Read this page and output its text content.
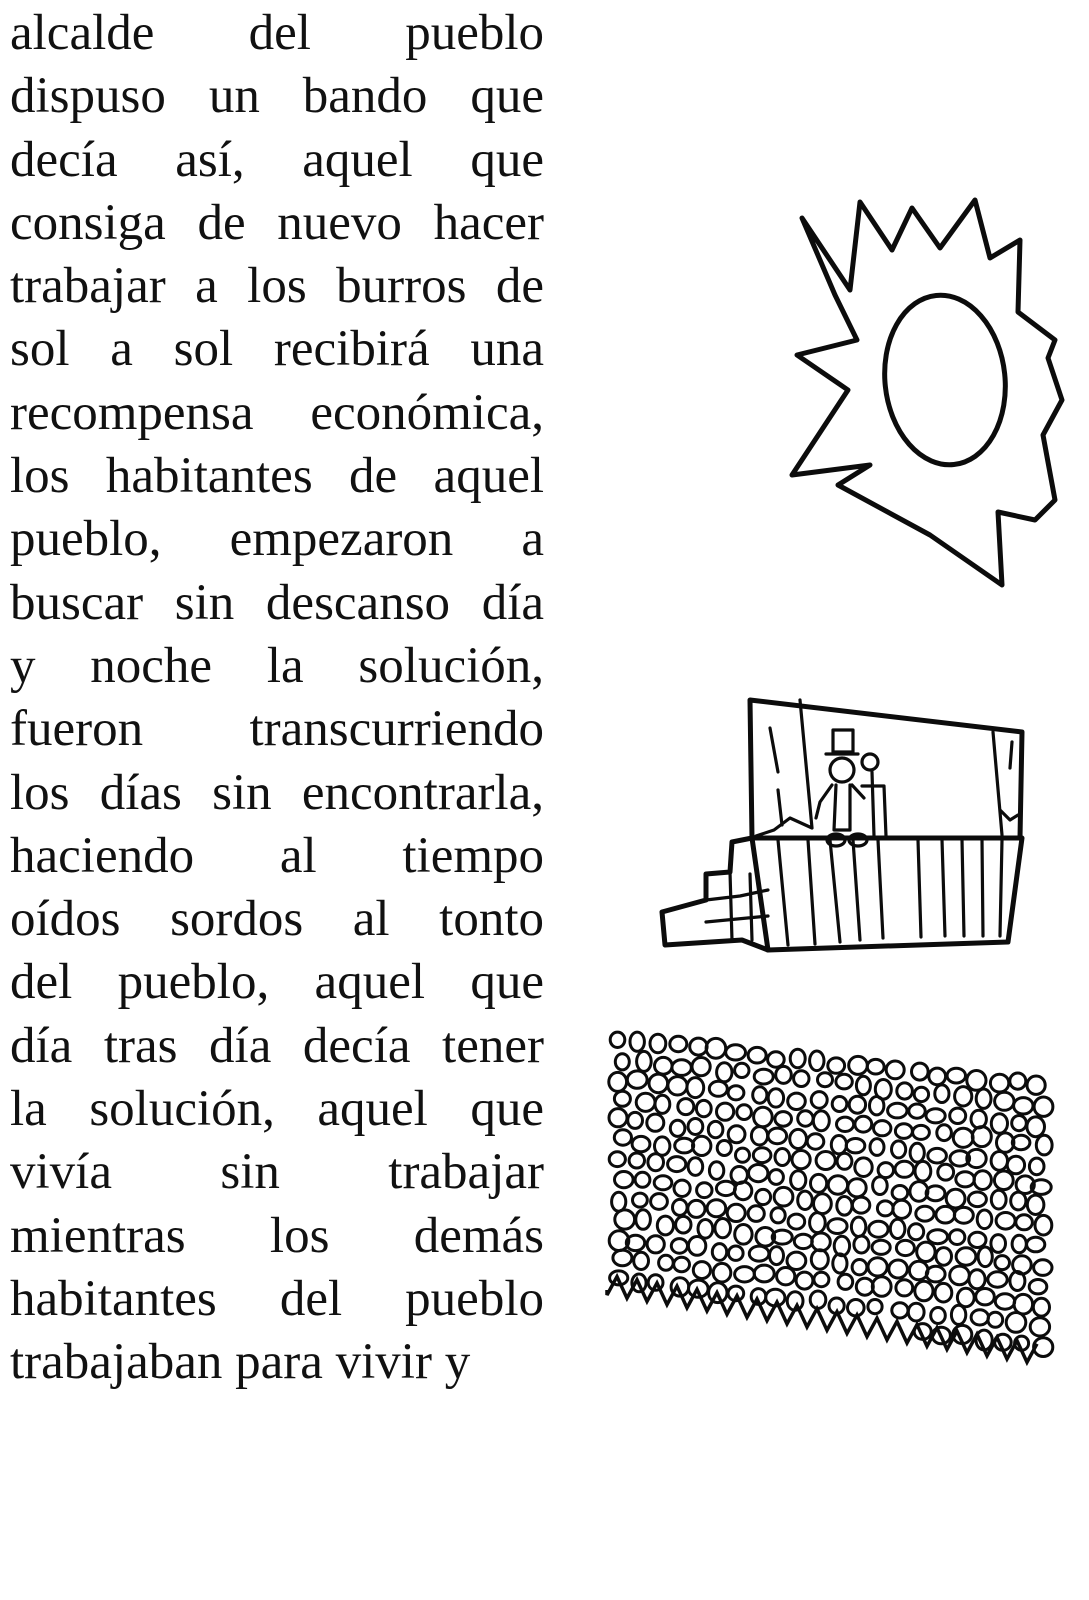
alcalde del pueblo
dispuso un bando que
decía así, aquel que
consiga de nuevo hacer
trabajar a los burros de
sol a sol recibirá una
recompensa económica,
los habitantes de aquel
pueblo, empezaron a
buscar sin descanso día
y noche la solución,
fueron transcurriendo
los días sin encontrarla,
haciendo al tiempo
oídos sordos al tonto
del pueblo, aquel que
día tras día decía tener
la solución, aquel que
vivía sin trabajar
mientras los demás
habitantes del pueblo
trabajaban para vivir y
